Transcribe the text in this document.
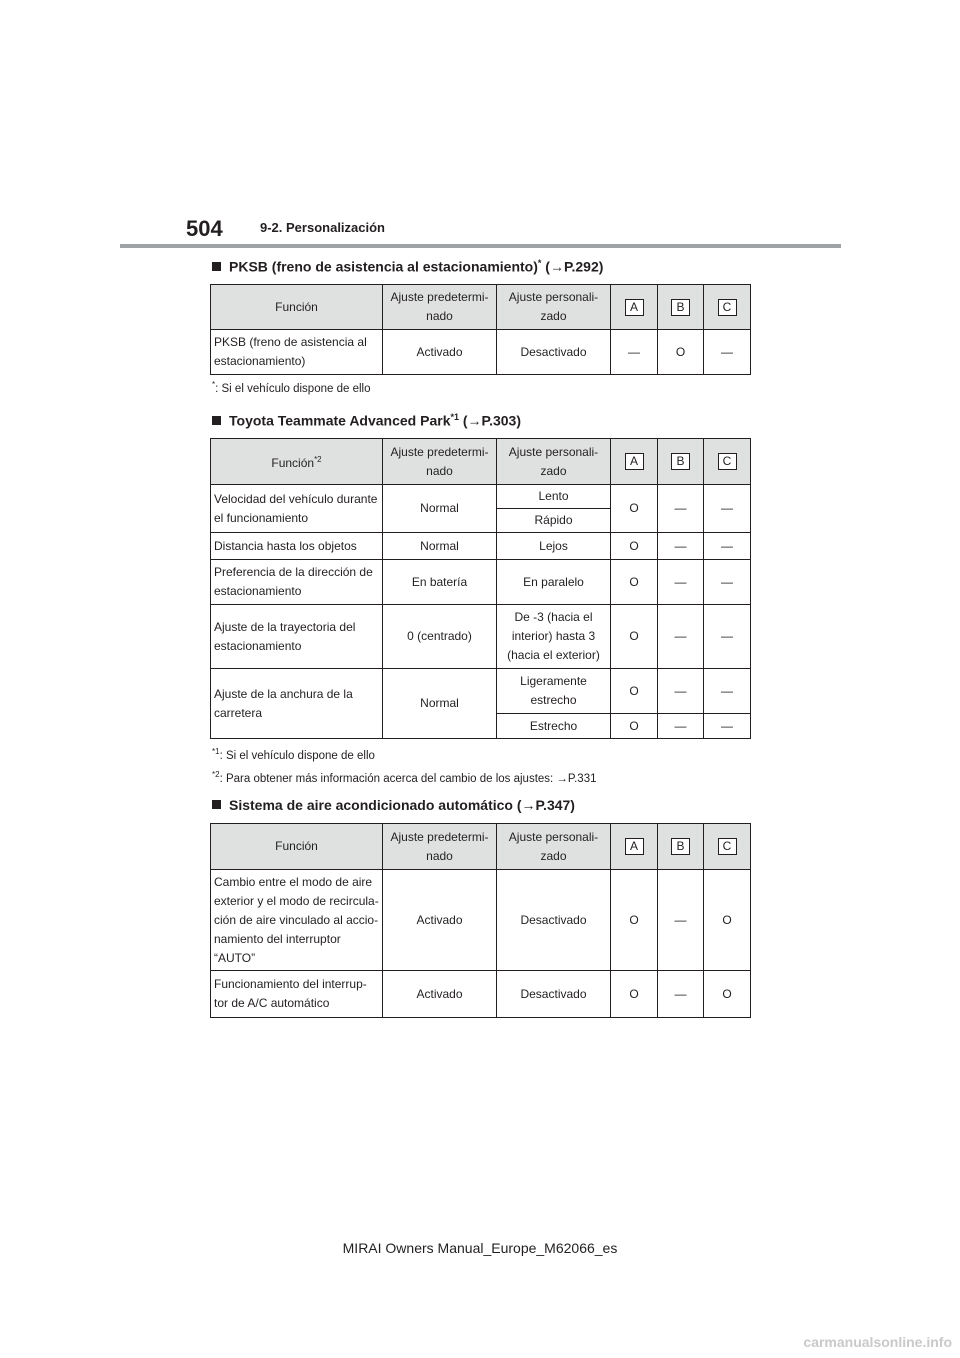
504	9-2. Personalización
PKSB (freno de asistencia al estacionamiento)* (→P.292)
Función	Ajuste predetermi-nado	Ajuste personali-zado	A	B	C
PKSB (freno de asistencia al estacionamiento)	Activado	Desactivado	—	O	—
*: Si el vehículo dispone de ello
Toyota Teammate Advanced Park$^{*1}$ (→P.303)
Función$^{*2}$	Ajuste predetermi-nado	Ajuste personali-zado	A	B	C
Velocidad del vehículo durante el funcionamiento	Normal	Lento	O	—	—
		Rápido			
Distancia hasta los objetos	Normal	Lejos	O	—	—
Preferencia de la dirección de estacionamiento	En batería	En paralelo	O	—	—
Ajuste de la trayectoria del estacionamiento	0 (centrado)	De -3 (hacia el interior) hasta 3 (hacia el exterior)	O	—	—
Ajuste de la anchura de la carretera	Normal	Ligeramente estrecho	O	—	—
		Estrecho	O	—	—
$^{*1}$: Si el vehículo dispone de ello
$^{*2}$: Para obtener más información acerca del cambio de los ajustes: →P.331
Sistema de aire acondicionado automático (→P.347)
Función	Ajuste predetermi-nado	Ajuste personali-zado	A	B	C
Cambio entre el modo de aire exterior y el modo de recircula-ción de aire vinculado al accio-namiento del interruptor “AUTO”	Activado	Desactivado	O	—	O
Funcionamiento del interrup-tor de A/C automático	Activado	Desactivado	O	—	O
MIRAI Owners Manual_Europe_M62066_es
carmanualsonline.info
